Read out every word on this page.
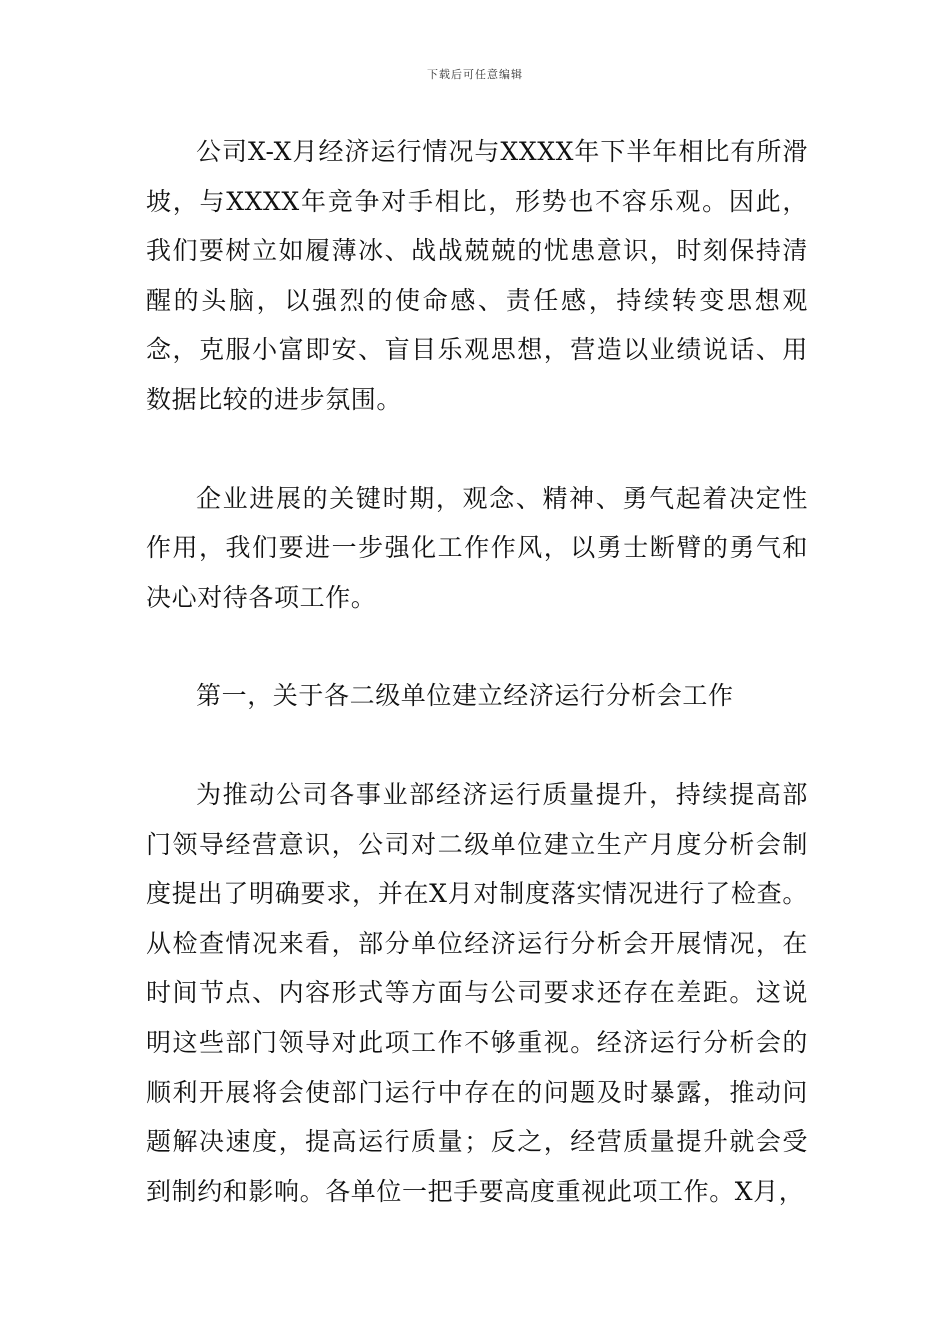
下载后可任意编辑

公司X-X月经济运行情况与XXXX年下半年相比有所滑坡，与XXXX年竞争对手相比，形势也不容乐观。因此，我们要树立如履薄冰、战战兢兢的忧患意识，时刻保持清醒的头脑，以强烈的使命感、责任感，持续转变思想观念，克服小富即安、盲目乐观思想，营造以业绩说话、用数据比较的进步氛围。

企业进展的关键时期，观念、精神、勇气起着决定性作用，我们要进一步强化工作作风，以勇士断臂的勇气和决心对待各项工作。

第一，关于各二级单位建立经济运行分析会工作

为推动公司各事业部经济运行质量提升，持续提高部门领导经营意识，公司对二级单位建立生产月度分析会制度提出了明确要求，并在X月对制度落实情况进行了检查。从检查情况来看，部分单位经济运行分析会开展情况，在时间节点、内容形式等方面与公司要求还存在差距。这说明这些部门领导对此项工作不够重视。经济运行分析会的顺利开展将会使部门运行中存在的问题及时暴露，推动问题解决速度，提高运行质量；反之，经营质量提升就会受到制约和影响。各单位一把手要高度重视此项工作。X月，
